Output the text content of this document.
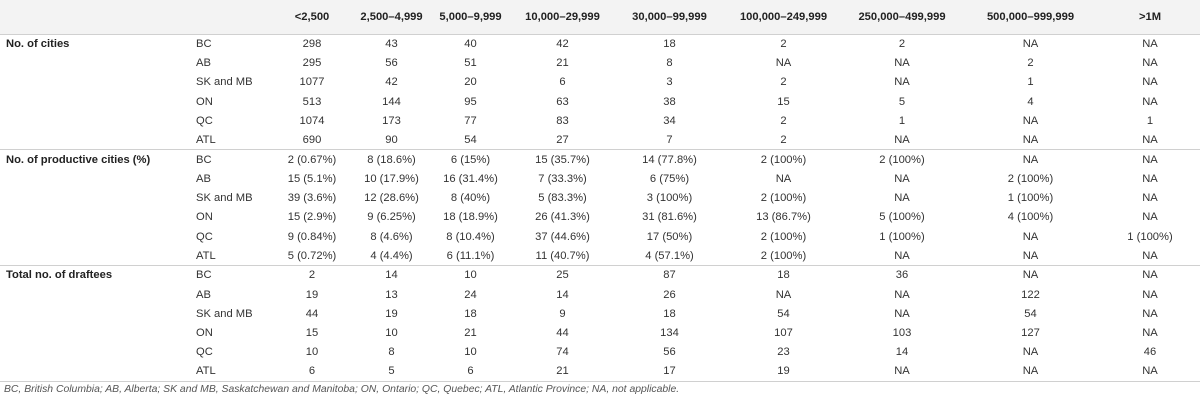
		<2,500	2,500–4,999	5,000–9,999	10,000–29,999	30,000–99,999	100,000–249,999	250,000–499,999	500,000–999,999	>1M
No. of cities	BC	298	43	40	42	18	2	2	NA	NA
	AB	295	56	51	21	8	NA	NA	2	NA
	SK and MB	1077	42	20	6	3	2	NA	1	NA
	ON	513	144	95	63	38	15	5	4	NA
	QC	1074	173	77	83	34	2	1	NA	1
	ATL	690	90	54	27	7	2	NA	NA	NA
No. of productive cities (%)	BC	2 (0.67%)	8 (18.6%)	6 (15%)	15 (35.7%)	14 (77.8%)	2 (100%)	2 (100%)	NA	NA
	AB	15 (5.1%)	10 (17.9%)	16 (31.4%)	7 (33.3%)	6 (75%)	NA	NA	2 (100%)	NA
	SK and MB	39 (3.6%)	12 (28.6%)	8 (40%)	5 (83.3%)	3 (100%)	2 (100%)	NA	1 (100%)	NA
	ON	15 (2.9%)	9 (6.25%)	18 (18.9%)	26 (41.3%)	31 (81.6%)	13 (86.7%)	5 (100%)	4 (100%)	NA
	QC	9 (0.84%)	8 (4.6%)	8 (10.4%)	37 (44.6%)	17 (50%)	2 (100%)	1 (100%)	NA	1 (100%)
	ATL	5 (0.72%)	4 (4.4%)	6 (11.1%)	11 (40.7%)	4 (57.1%)	2 (100%)	NA	NA	NA
Total no. of draftees	BC	2	14	10	25	87	18	36	NA	NA
	AB	19	13	24	14	26	NA	NA	122	NA
	SK and MB	44	19	18	9	18	54	NA	54	NA
	ON	15	10	21	44	134	107	103	127	NA
	QC	10	8	10	74	56	23	14	NA	46
	ATL	6	5	6	21	17	19	NA	NA	NA
BC, British Columbia; AB, Alberta; SK and MB, Saskatchewan and Manitoba; ON, Ontario; QC, Quebec; ATL, Atlantic Province; NA, not applicable.
